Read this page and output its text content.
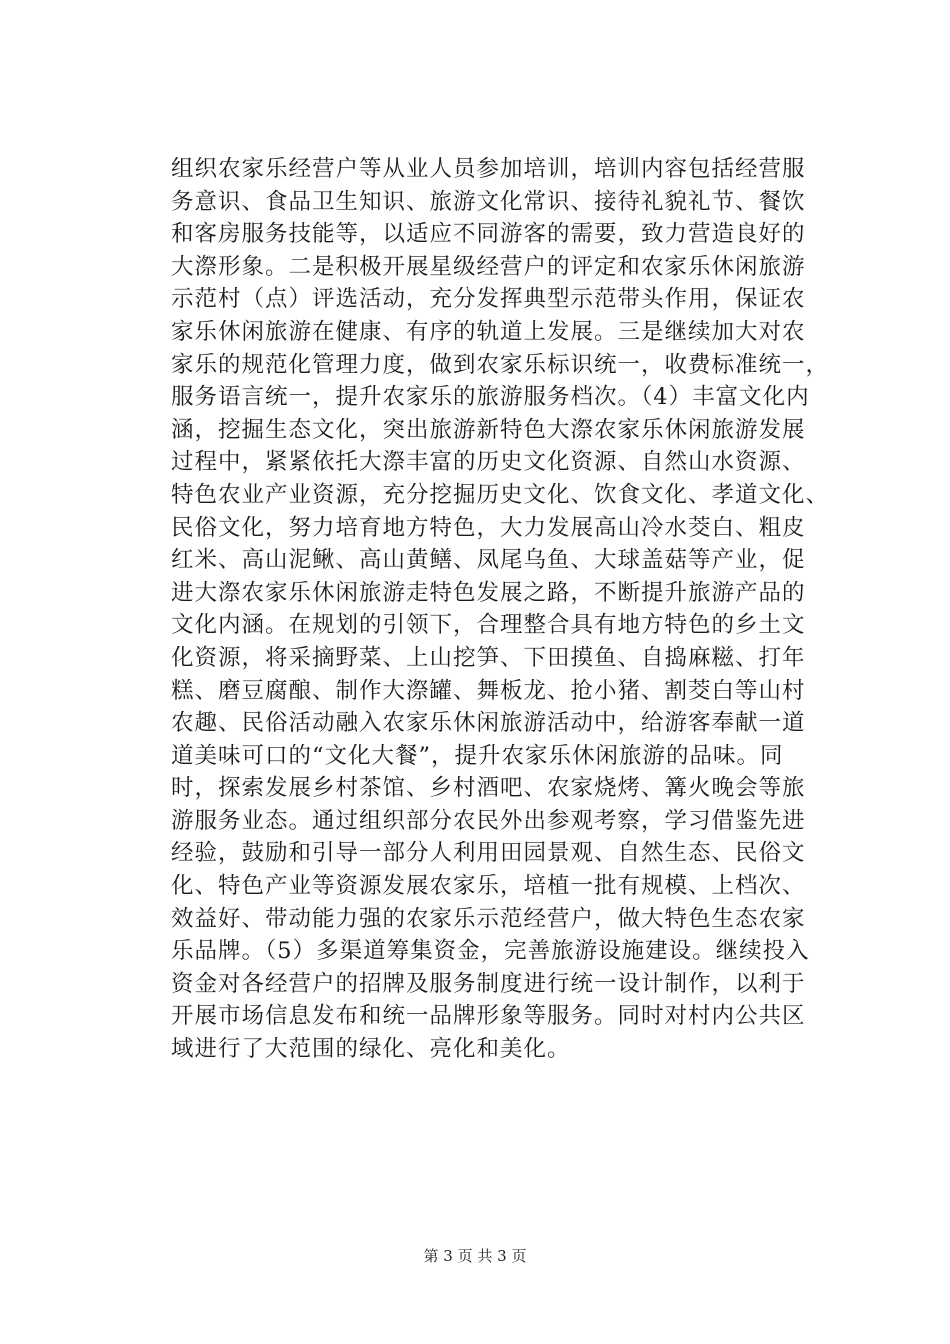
组织农家乐经营户等从业人员参加培训，培训内容包括经营服
务意识、食品卫生知识、旅游文化常识、接待礼貌礼节、餐饮
和客房服务技能等，以适应不同游客的需要，致力营造良好的
大漈形象。二是积极开展星级经营户的评定和农家乐休闲旅游
示范村（点）评选活动，充分发挥典型示范带头作用，保证农
家乐休闲旅游在健康、有序的轨道上发展。三是继续加大对农
家乐的规范化管理力度，做到农家乐标识统一，收费标准统一，
服务语言统一，提升农家乐的旅游服务档次。（4）丰富文化内
涵，挖掘生态文化，突出旅游新特色大漈农家乐休闲旅游发展
过程中，紧紧依托大漈丰富的历史文化资源、自然山水资源、
特色农业产业资源，充分挖掘历史文化、饮食文化、孝道文化、
民俗文化，努力培育地方特色，大力发展高山冷水茭白、粗皮
红米、高山泥鳅、高山黄鳝、凤尾乌鱼、大球盖菇等产业，促
进大漈农家乐休闲旅游走特色发展之路，不断提升旅游产品的
文化内涵。在规划的引领下，合理整合具有地方特色的乡土文
化资源，将采摘野菜、上山挖笋、下田摸鱼、自捣麻糍、打年
糕、磨豆腐酿、制作大漈罐、舞板龙、抢小猪、割茭白等山村
农趣、民俗活动融入农家乐休闲旅游活动中，给游客奉献一道
道美味可口的“文化大餐”，提升农家乐休闲旅游的品味。同
时，探索发展乡村茶馆、乡村酒吧、农家烧烤、篝火晚会等旅
游服务业态。通过组织部分农民外出参观考察，学习借鉴先进
经验，鼓励和引导一部分人利用田园景观、自然生态、民俗文
化、特色产业等资源发展农家乐，培植一批有规模、上档次、
效益好、带动能力强的农家乐示范经营户，做大特色生态农家
乐品牌。（5）多渠道筹集资金，完善旅游设施建设。继续投入
资金对各经营户的招牌及服务制度进行统一设计制作，以利于
开展市场信息发布和统一品牌形象等服务。同时对村内公共区
域进行了大范围的绿化、亮化和美化。
第 3 页 共 3 页
